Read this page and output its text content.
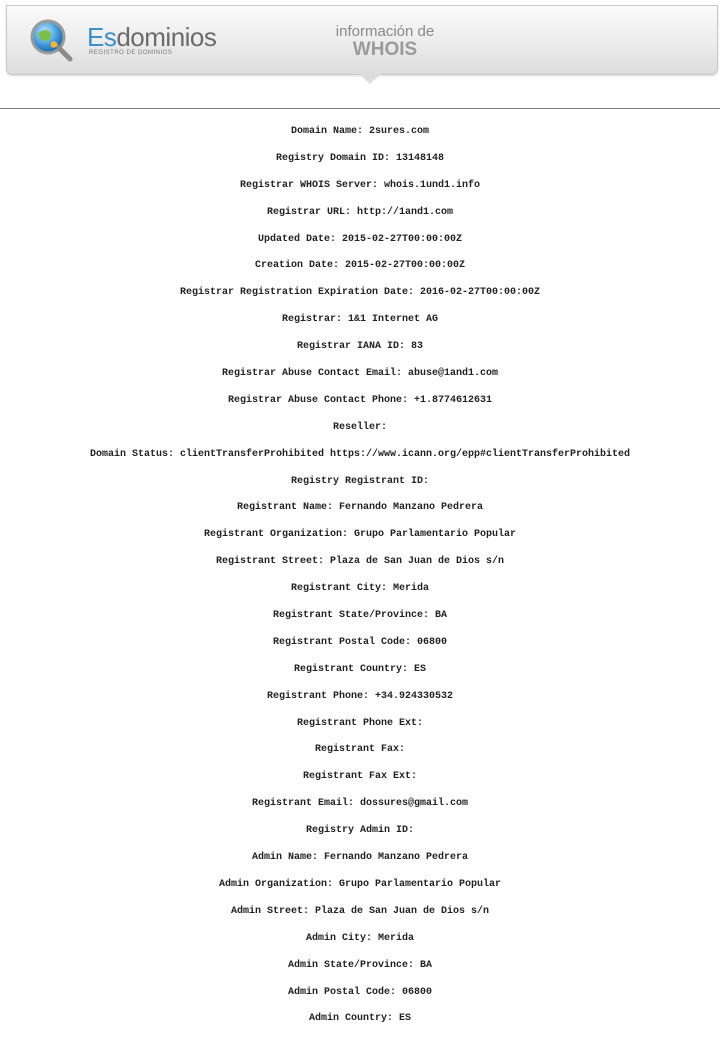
Esdominios
REGISTRO DE DOMINIOS
información de
WHOIS
Domain Name: 2sures.com
Registry Domain ID: 13148148
Registrar WHOIS Server: whois.1und1.info
Registrar URL: http://1and1.com
Updated Date: 2015-02-27T00:00:00Z
Creation Date: 2015-02-27T00:00:00Z
Registrar Registration Expiration Date: 2016-02-27T00:00:00Z
Registrar: 1&1 Internet AG
Registrar IANA ID: 83
Registrar Abuse Contact Email: abuse@1and1.com
Registrar Abuse Contact Phone: +1.8774612631
Reseller:
Domain Status: clientTransferProhibited https://www.icann.org/epp#clientTransferProhibited
Registry Registrant ID:
Registrant Name: Fernando Manzano Pedrera
Registrant Organization: Grupo Parlamentario Popular
Registrant Street: Plaza de San Juan de Dios s/n
Registrant City: Merida
Registrant State/Province: BA
Registrant Postal Code: 06800
Registrant Country: ES
Registrant Phone: +34.924330532
Registrant Phone Ext:
Registrant Fax:
Registrant Fax Ext:
Registrant Email: dossures@gmail.com
Registry Admin ID:
Admin Name: Fernando Manzano Pedrera
Admin Organization: Grupo Parlamentario Popular
Admin Street: Plaza de San Juan de Dios s/n
Admin City: Merida
Admin State/Province: BA
Admin Postal Code: 06800
Admin Country: ES
